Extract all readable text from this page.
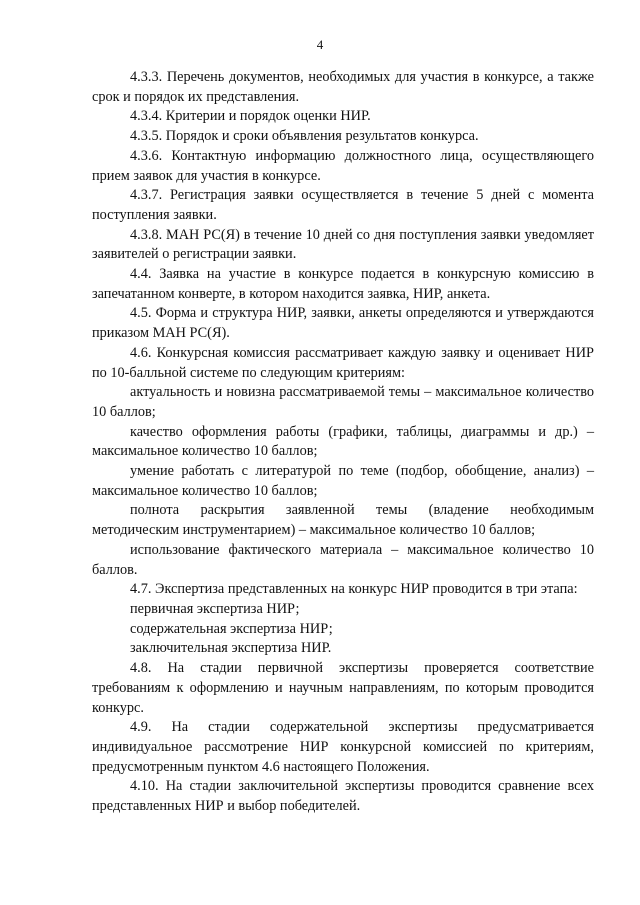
4

4.3.3. Перечень документов, необходимых для участия в конкурсе, а также срок и порядок их представления.

4.3.4. Критерии и порядок оценки НИР.

4.3.5. Порядок и сроки объявления результатов конкурса.

4.3.6. Контактную информацию должностного лица, осуществляющего прием заявок для участия в конкурсе.

4.3.7. Регистрация заявки осуществляется в течение 5 дней с момента поступления заявки.

4.3.8. МАН РС(Я) в течение 10 дней со дня поступления заявки уведомляет заявителей о регистрации заявки.

4.4. Заявка на участие в конкурсе подается в конкурсную комиссию в запечатанном конверте, в котором находится заявка, НИР, анкета.

4.5. Форма и структура НИР, заявки, анкеты определяются и утверждаются приказом МАН РС(Я).

4.6. Конкурсная комиссия рассматривает каждую заявку и оценивает НИР по 10-балльной системе по следующим критериям:

актуальность и новизна рассматриваемой темы – максимальное количество 10 баллов;

качество оформления работы (графики, таблицы, диаграммы и др.) – максимальное количество 10 баллов;

умение работать с литературой по теме (подбор, обобщение, анализ) – максимальное количество 10 баллов;

полнота раскрытия заявленной темы (владение необходимым методическим инструментарием) – максимальное количество 10 баллов;

использование фактического материала – максимальное количество 10 баллов.

4.7. Экспертиза представленных на конкурс НИР проводится в три этапа:

первичная экспертиза НИР;

содержательная экспертиза НИР;

заключительная экспертиза НИР.

4.8. На стадии первичной экспертизы проверяется соответствие требованиям к оформлению и научным направлениям, по которым проводится конкурс.

4.9. На стадии содержательной экспертизы предусматривается индивидуальное рассмотрение НИР конкурсной комиссией по критериям, предусмотренным пунктом 4.6 настоящего Положения.

4.10. На стадии заключительной экспертизы проводится сравнение всех представленных НИР и выбор победителей.
